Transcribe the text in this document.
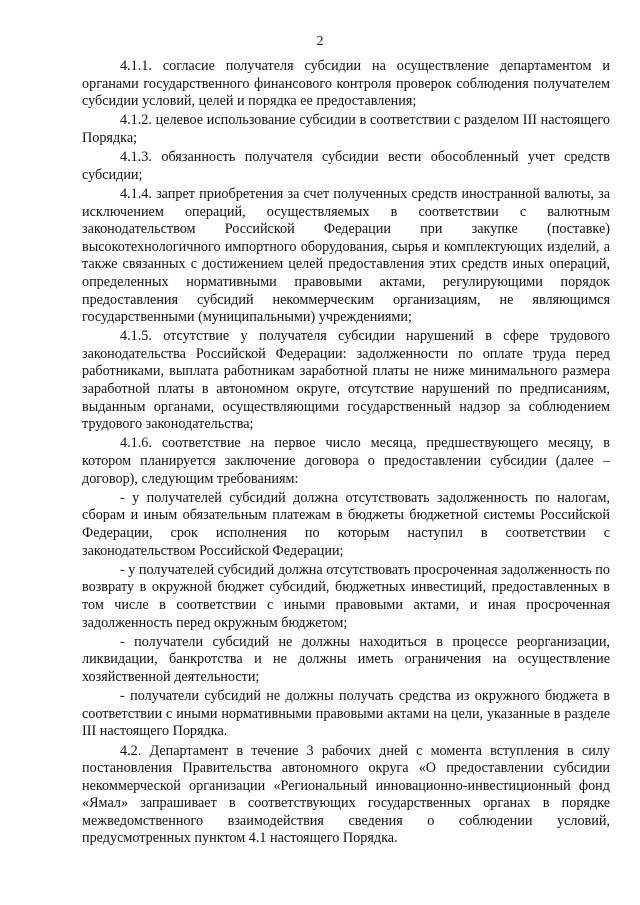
2

4.1.1. согласие получателя субсидии на осуществление департаментом и органами государственного финансового контроля проверок соблюдения получателем субсидии условий, целей и порядка ее предоставления;

4.1.2. целевое использование субсидии в соответствии с разделом III настоящего Порядка;

4.1.3. обязанность получателя субсидии вести обособленный учет средств субсидии;

4.1.4. запрет приобретения за счет полученных средств иностранной валюты, за исключением операций, осуществляемых в соответствии с валютным законодательством Российской Федерации при закупке (поставке) высокотехнологичного импортного оборудования, сырья и комплектующих изделий, а также связанных с достижением целей предоставления этих средств иных операций, определенных нормативными правовыми актами, регулирующими порядок предоставления субсидий некоммерческим организациям, не являющимся государственными (муниципальными) учреждениями;

4.1.5. отсутствие у получателя субсидии нарушений в сфере трудового законодательства Российской Федерации: задолженности по оплате труда перед работниками, выплата работникам заработной платы не ниже минимального размера заработной платы в автономном округе, отсутствие нарушений по предписаниям, выданным органами, осуществляющими государственный надзор за соблюдением трудового законодательства;

4.1.6. соответствие на первое число месяца, предшествующего месяцу, в котором планируется заключение договора о предоставлении субсидии (далее – договор), следующим требованиям:

- у получателей субсидий должна отсутствовать задолженность по налогам, сборам и иным обязательным платежам в бюджеты бюджетной системы Российской Федерации, срок исполнения по которым наступил в соответствии с законодательством Российской Федерации;

- у получателей субсидий должна отсутствовать просроченная задолженность по возврату в окружной бюджет субсидий, бюджетных инвестиций, предоставленных в том числе в соответствии с иными правовыми актами, и иная просроченная задолженность перед окружным бюджетом;

- получатели субсидий не должны находиться в процессе реорганизации, ликвидации, банкротства и не должны иметь ограничения на осуществление хозяйственной деятельности;

- получатели субсидий не должны получать средства из окружного бюджета в соответствии с иными нормативными правовыми актами на цели, указанные в разделе III настоящего Порядка.

4.2. Департамент в течение 3 рабочих дней с момента вступления в силу постановления Правительства автономного округа «О предоставлении субсидии некоммерческой организации «Региональный инновационно-инвестиционный фонд «Ямал» запрашивает в соответствующих государственных органах в порядке межведомственного взаимодействия сведения о соблюдении условий, предусмотренных пунктом 4.1 настоящего Порядка.
